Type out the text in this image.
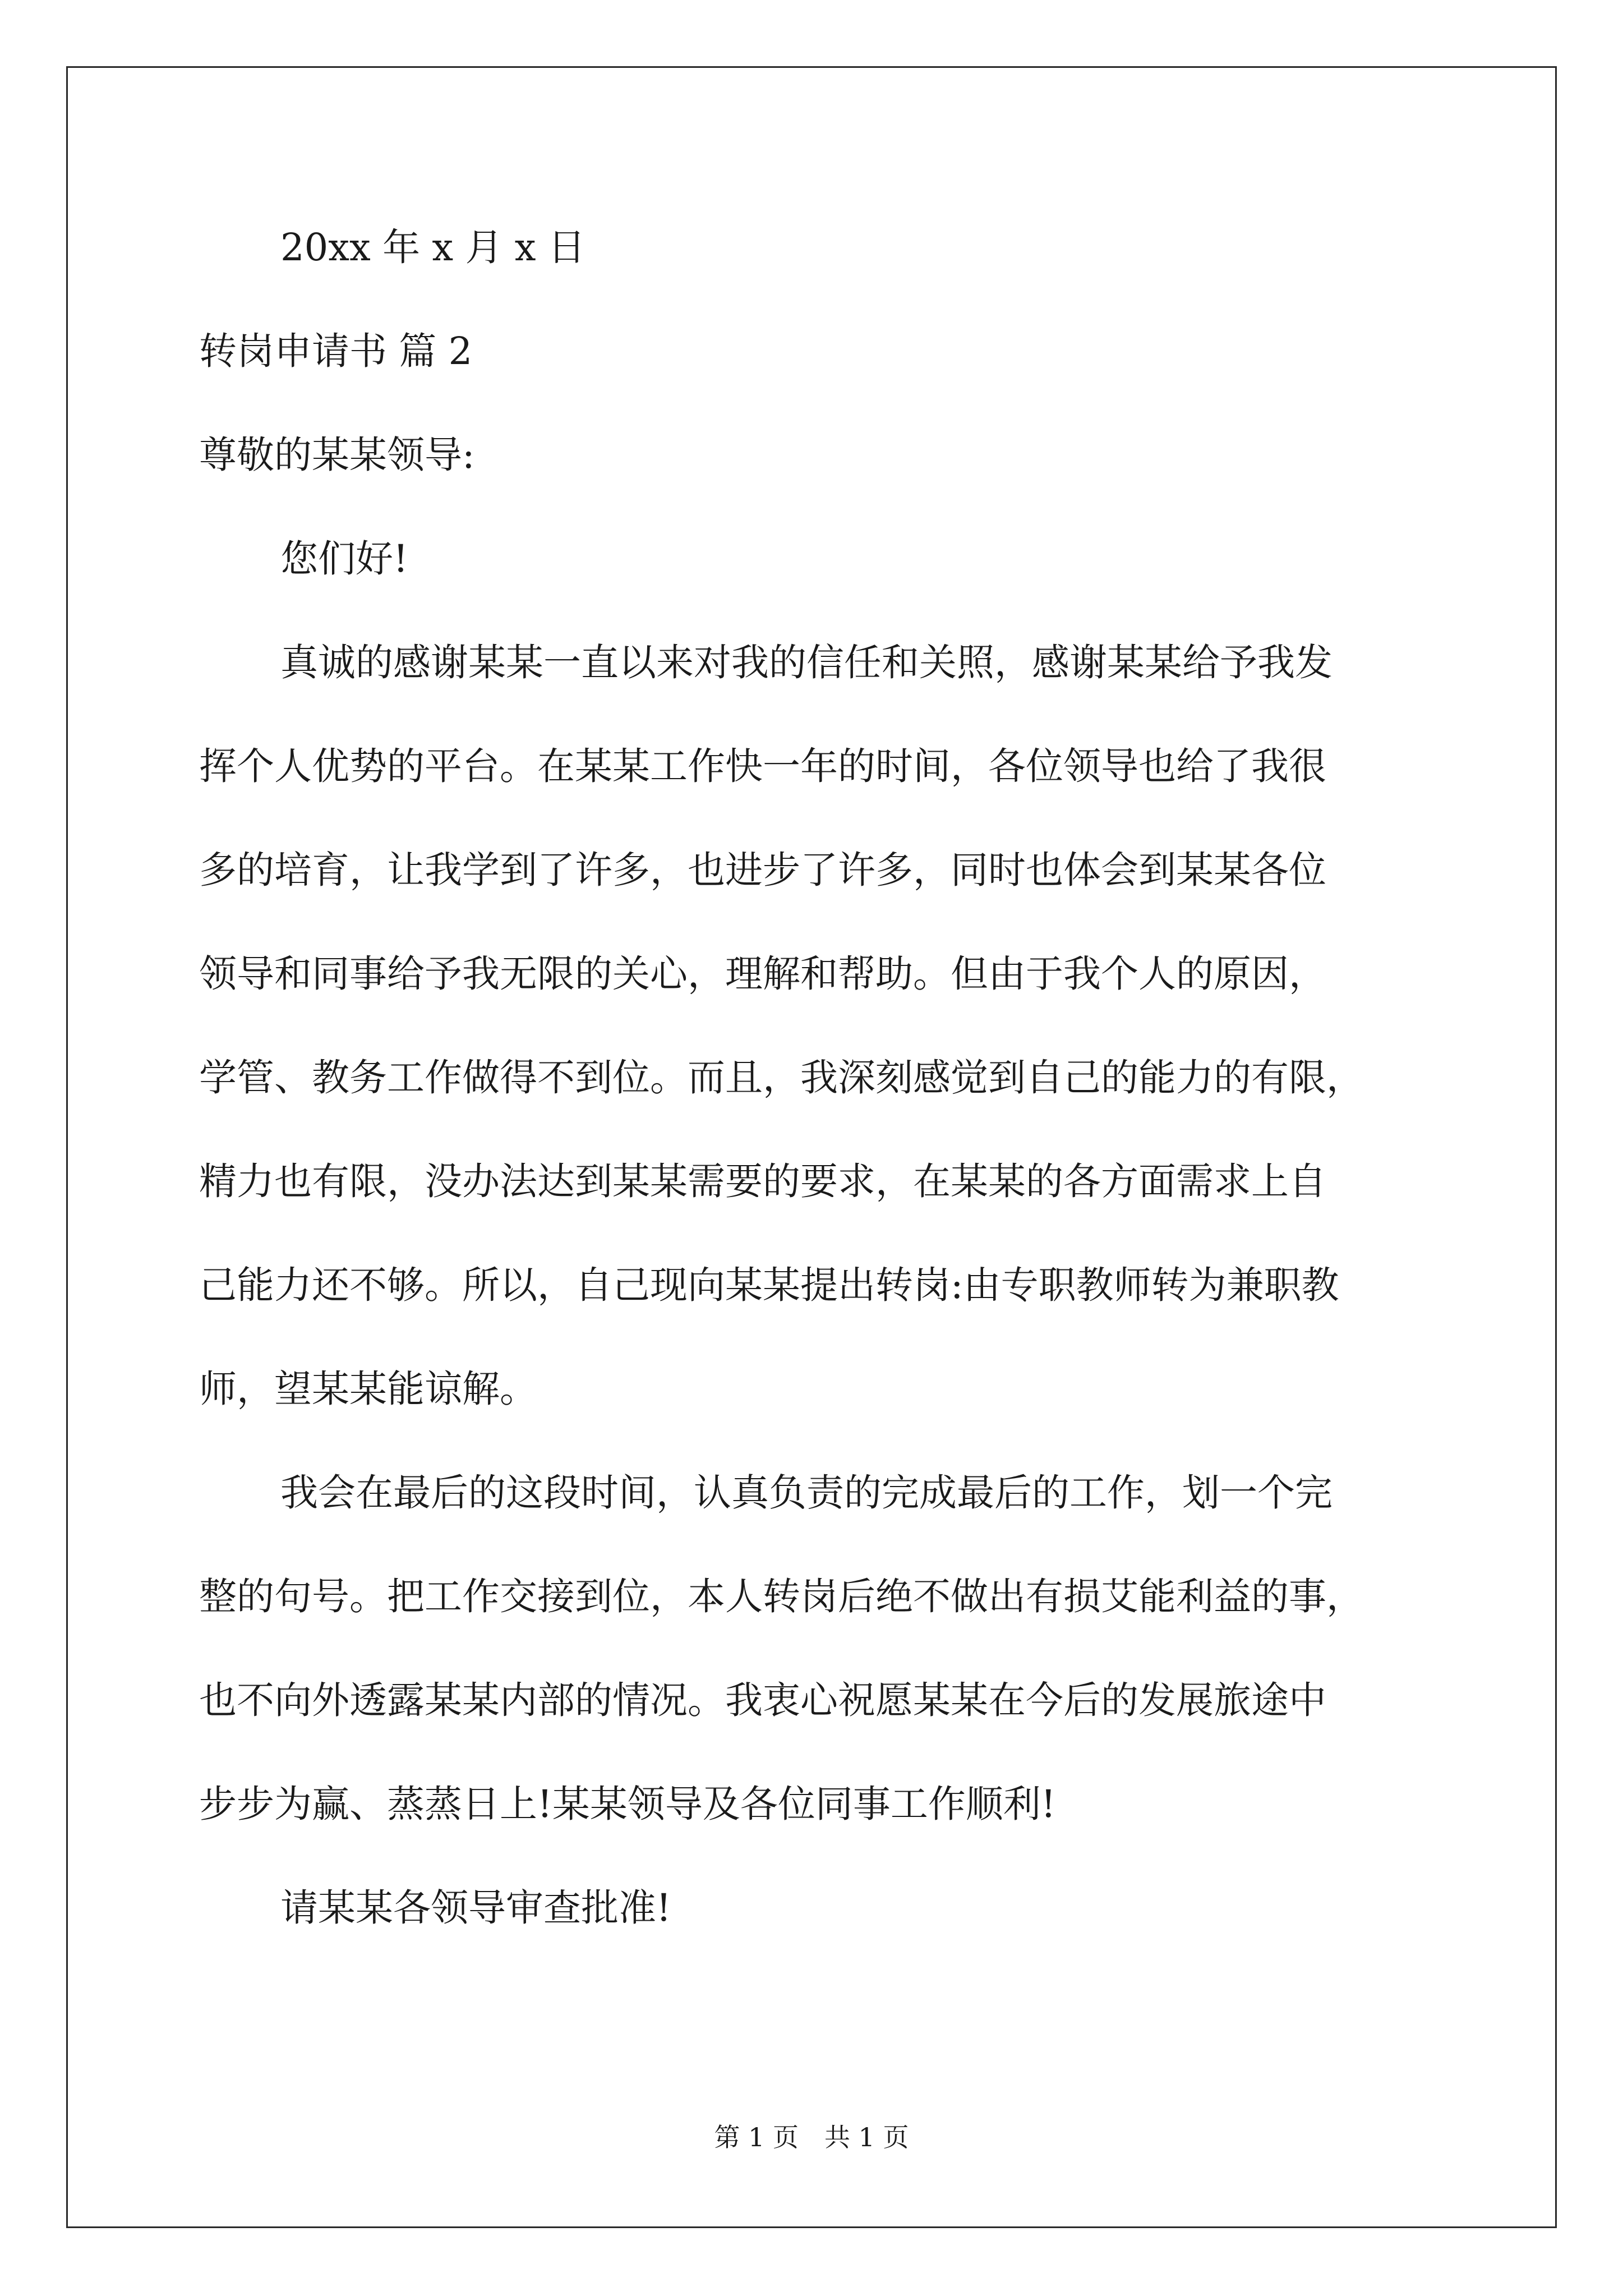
20xx 年 x 月 x 日

转岗申请书 篇 2

尊敬的某某领导:

您们好!

真诚的感谢某某一直以来对我的信任和关照，感谢某某给予我发

挥个人优势的平台。在某某工作快一年的时间，各位领导也给了我很

多的培育，让我学到了许多，也进步了许多，同时也体会到某某各位

领导和同事给予我无限的关心，理解和帮助。但由于我个人的原因，

学管、教务工作做得不到位。而且，我深刻感觉到自己的能力的有限，

精力也有限，没办法达到某某需要的要求，在某某的各方面需求上自

己能力还不够。所以，自己现向某某提出转岗:由专职教师转为兼职教

师，望某某能谅解。

我会在最后的这段时间，认真负责的完成最后的工作，划一个完

整的句号。把工作交接到位，本人转岗后绝不做出有损艾能利益的事，

也不向外透露某某内部的情况。我衷心祝愿某某在今后的发展旅途中

步步为赢、蒸蒸日上!某某领导及各位同事工作顺利!

请某某各领导审查批准!

第 1 页　共 1 页
